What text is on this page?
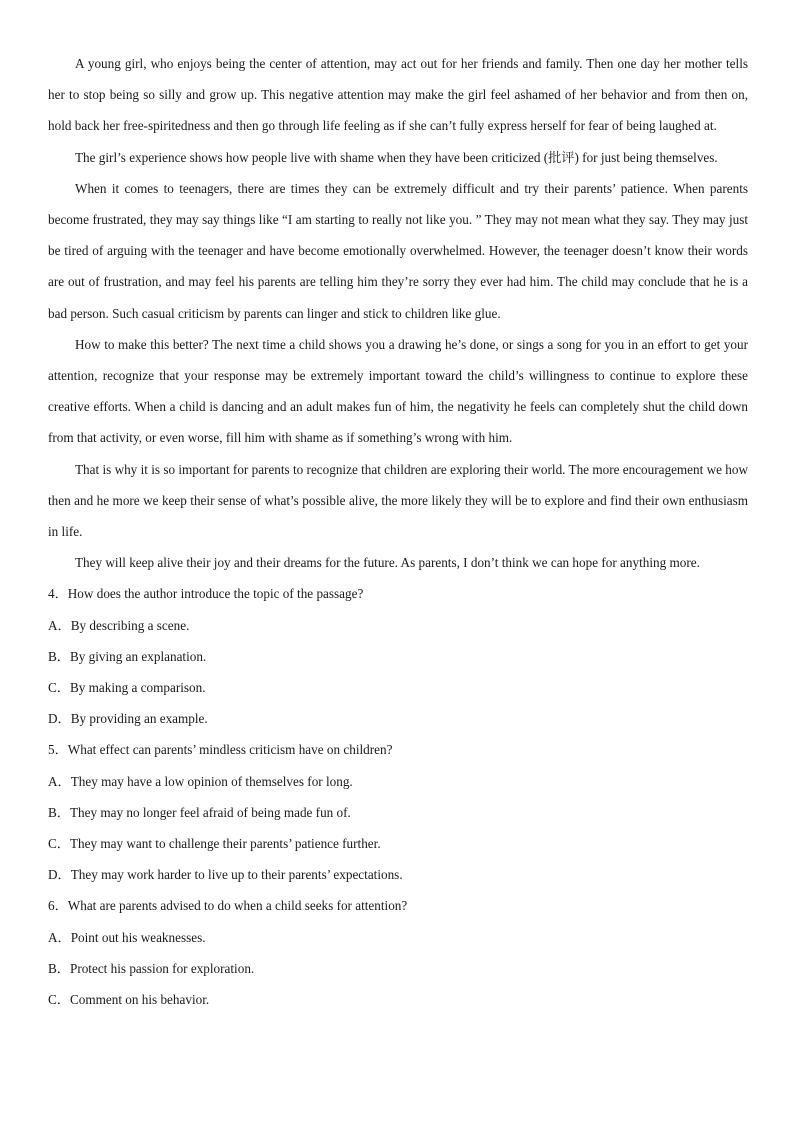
A young girl, who enjoys being the center of attention, may act out for her friends and family. Then one day her mother tells her to stop being so silly and grow up. This negative attention may make the girl feel ashamed of her behavior and from then on, hold back her free-spiritedness and then go through life feeling as if she can’t fully express herself for fear of being laughed at.

The girl’s experience shows how people live with shame when they have been criticized (批评) for just being themselves.

When it comes to teenagers, there are times they can be extremely difficult and try their parents’ patience. When parents become frustrated, they may say things like “I am starting to really not like you. ” They may not mean what they say. They may just be tired of arguing with the teenager and have become emotionally overwhelmed. However, the teenager doesn’t know their words are out of frustration, and may feel his parents are telling him they’re sorry they ever had him. The child may conclude that he is a bad person. Such casual criticism by parents can linger and stick to children like glue.

How to make this better? The next time a child shows you a drawing he’s done, or sings a song for you in an effort to get your attention, recognize that your response may be extremely important toward the child’s willingness to continue to explore these creative efforts. When a child is dancing and an adult makes fun of him, the negativity he feels can completely shut the child down from that activity, or even worse, fill him with shame as if something’s wrong with him.

That is why it is so important for parents to recognize that children are exploring their world. The more encouragement we how then and he more we keep their sense of what’s possible alive, the more likely they will be to explore and find their own enthusiasm in life.

They will keep alive their joy and their dreams for the future. As parents, I don’t think we can hope for anything more.

4．How does the author introduce the topic of the passage?

A．By describing a scene.

B．By giving an explanation.

C．By making a comparison.

D．By providing an example.

5．What effect can parents’ mindless criticism have on children?

A．They may have a low opinion of themselves for long.

B．They may no longer feel afraid of being made fun of.

C．They may want to challenge their parents’ patience further.

D．They may work harder to live up to their parents’ expectations.

6．What are parents advised to do when a child seeks for attention?

A．Point out his weaknesses.

B．Protect his passion for exploration.

C．Comment on his behavior.
